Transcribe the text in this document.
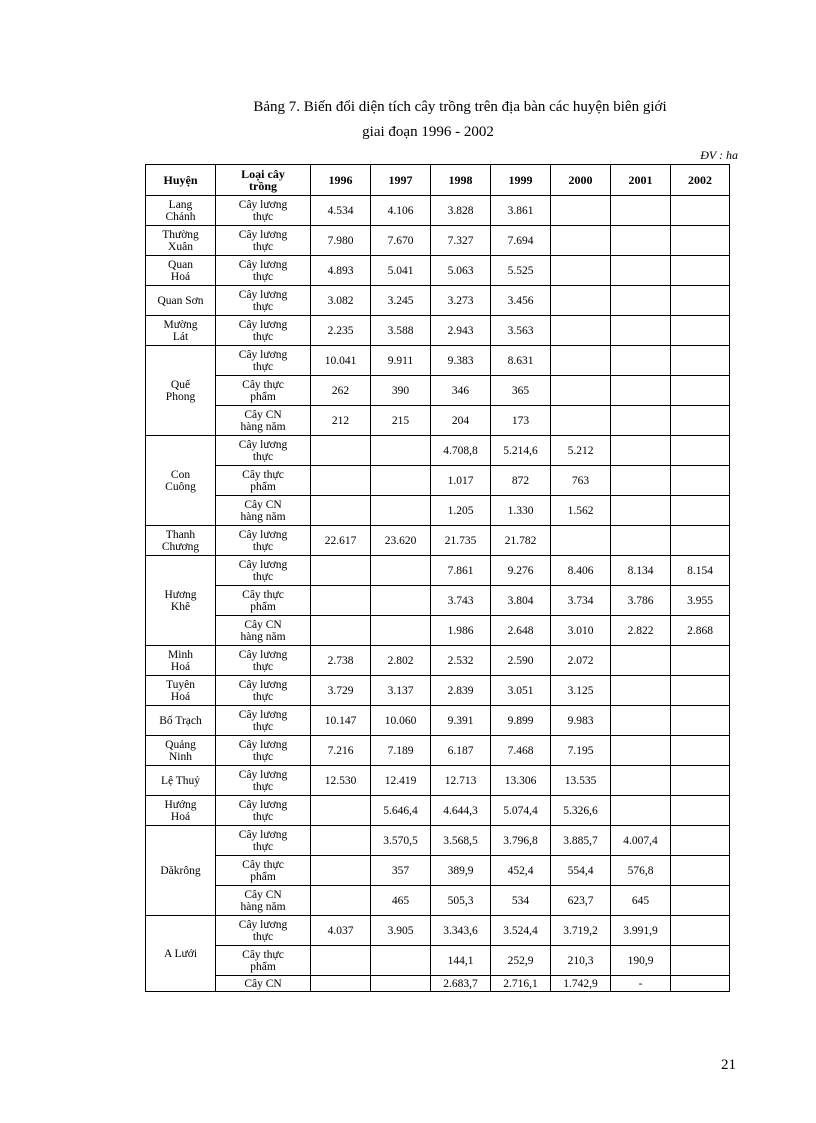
Bảng 7. Biến đổi diện tích cây trồng trên địa bàn các huyện biên giới
giai đoạn 1996 - 2002
ĐV : ha
Huyện	Loại cây trồng	1996	1997	1998	1999	2000	2001	2002

Lang Chánh	Cây lương thực	4.534	4.106	3.828	3.861			

Thường Xuân	Cây lương thực	7.980	7.670	7.327	7.694			

Quan Hoá	Cây lương thực	4.893	5.041	5.063	5.525			

Quan Sơn	Cây lương thực	3.082	3.245	3.273	3.456			

Mường Lát	Cây lương thực	2.235	3.588	2.943	3.563			

Quế Phong	Cây lương thực	10.041	9.911	9.383	8.631			

	Cây thực phẩm	262	390	346	365			

	Cây CN hàng năm	212	215	204	173			

Con Cuông	Cây lương thực			4.708,8	5.214,6	5.212		

	Cây thực phẩm			1.017	872	763		

	Cây CN hàng năm			1.205	1.330	1.562		

Thanh Chương	Cây lương thực	22.617	23.620	21.735	21.782			

Hương Khê	Cây lương thực			7.861	9.276	8.406	8.134	8.154

	Cây thực phẩm			3.743	3.804	3.734	3.786	3.955

	Cây CN hàng năm			1.986	2.648	3.010	2.822	2.868

Minh Hoá	Cây lương thực	2.738	2.802	2.532	2.590	2.072		

Tuyên Hoá	Cây lương thực	3.729	3.137	2.839	3.051	3.125		

Bố Trạch	Cây lương thực	10.147	10.060	9.391	9.899	9.983		

Quảng Ninh	Cây lương thực	7.216	7.189	6.187	7.468	7.195		

Lệ Thuỷ	Cây lương thực	12.530	12.419	12.713	13.306	13.535		

Hướng Hoá	Cây lương thực		5.646,4	4.644,3	5.074,4	5.326,6		

Dăkrông	Cây lương thực		3.570,5	3.568,5	3.796,8	3.885,7	4.007,4	

	Cây thực phẩm		357	389,9	452,4	554,4	576,8	

	Cây CN hàng năm		465	505,3	534	623,7	645	

A Lưới	Cây lương thực	4.037	3.905	3.343,6	3.524,4	3.719,2	3.991,9	

	Cây thực phẩm			144,1	252,9	210,3	190,9	

	Cây CN			2.683,7	2.716,1	1.742,9	-	
21
